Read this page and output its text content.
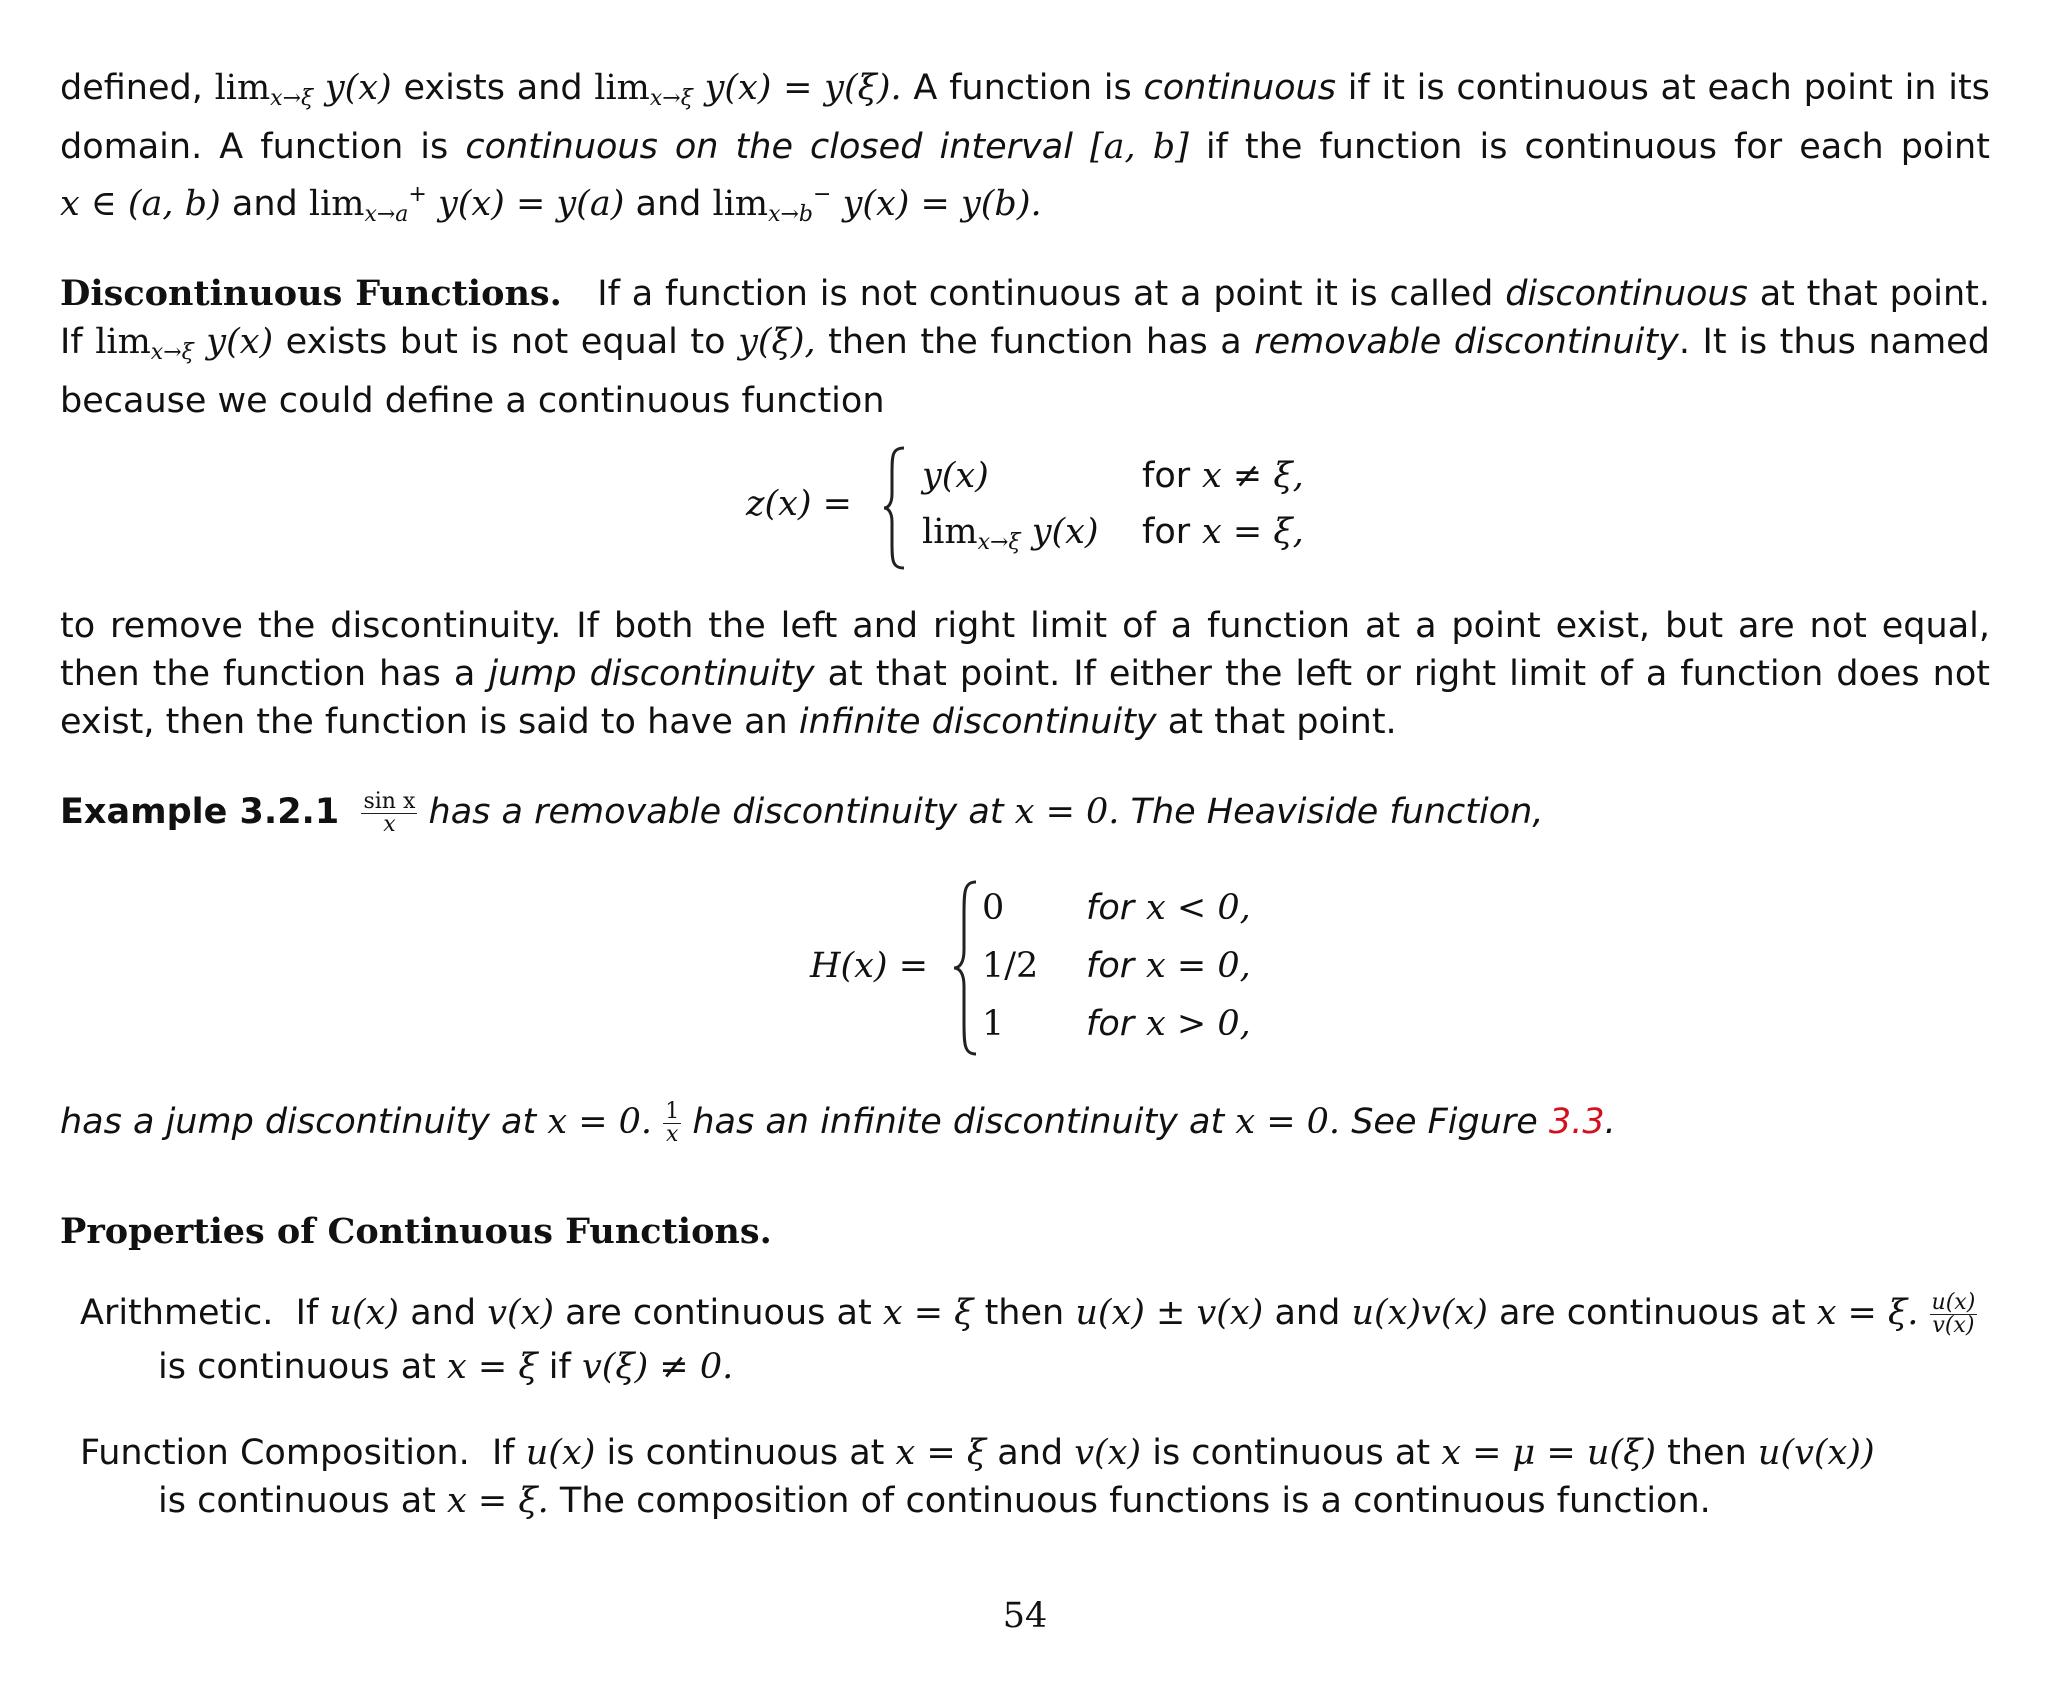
defined, $\lim_{x\to\xi} y(x)$ exists and $\lim_{x\to\xi} y(x) = y(\xi)$. A function is continuous if it is continuous at each point in its domain. A function is continuous on the closed interval [a, b] if the function is continuous for each point x ∈ (a, b) and $\lim_{x\to a}^+ y(x) = y(a)$ and $\lim_{x\to b}^- y(x) = y(b)$.
Discontinuous Functions. If a function is not continuous at a point it is called discontinuous at that point. If $\lim_{x\to\xi} y(x)$ exists but is not equal to y(ξ), then the function has a removable discontinuity. It is thus named because we could define a continuous function
z(x) =
y(x)	for x ≠ ξ,
$\lim_{x\to\xi} y(x)$ for x = ξ,
to remove the discontinuity. If both the left and right limit of a function at a point exist, but are not equal, then the function has a jump discontinuity at that point. If either the left or right limit of a function does not exist, then the function is said to have an infinite discontinuity at that point.
Example $3.2.1 \frac{\text{sin x}}{x}$ has a removable discontinuity at x = 0. The Heaviside function,
H(x) =
0 for x < 0,
1/2 for x = 0,
1 for x > 0,
has a jump discontinuity at x = 0. $\frac{1}{x}$ has an infinite discontinuity at x = 0. See Figure 3.3.
Properties of Continuous Functions.
Arithmetic. If u(x) and v(x) are continuous at x = ξ then u(x) ± v(x) and u(x)v(x) are continuous at x = ξ. $\frac{u(x)}{v(x)}$
is continuous at x = ξ if v(ξ) ≠ 0.
Function Composition. If u(x) is continuous at x = ξ and v(x) is continuous at x = μ = u(ξ) then u(v(x))
is continuous at x = ξ. The composition of continuous functions is a continuous function.
54
